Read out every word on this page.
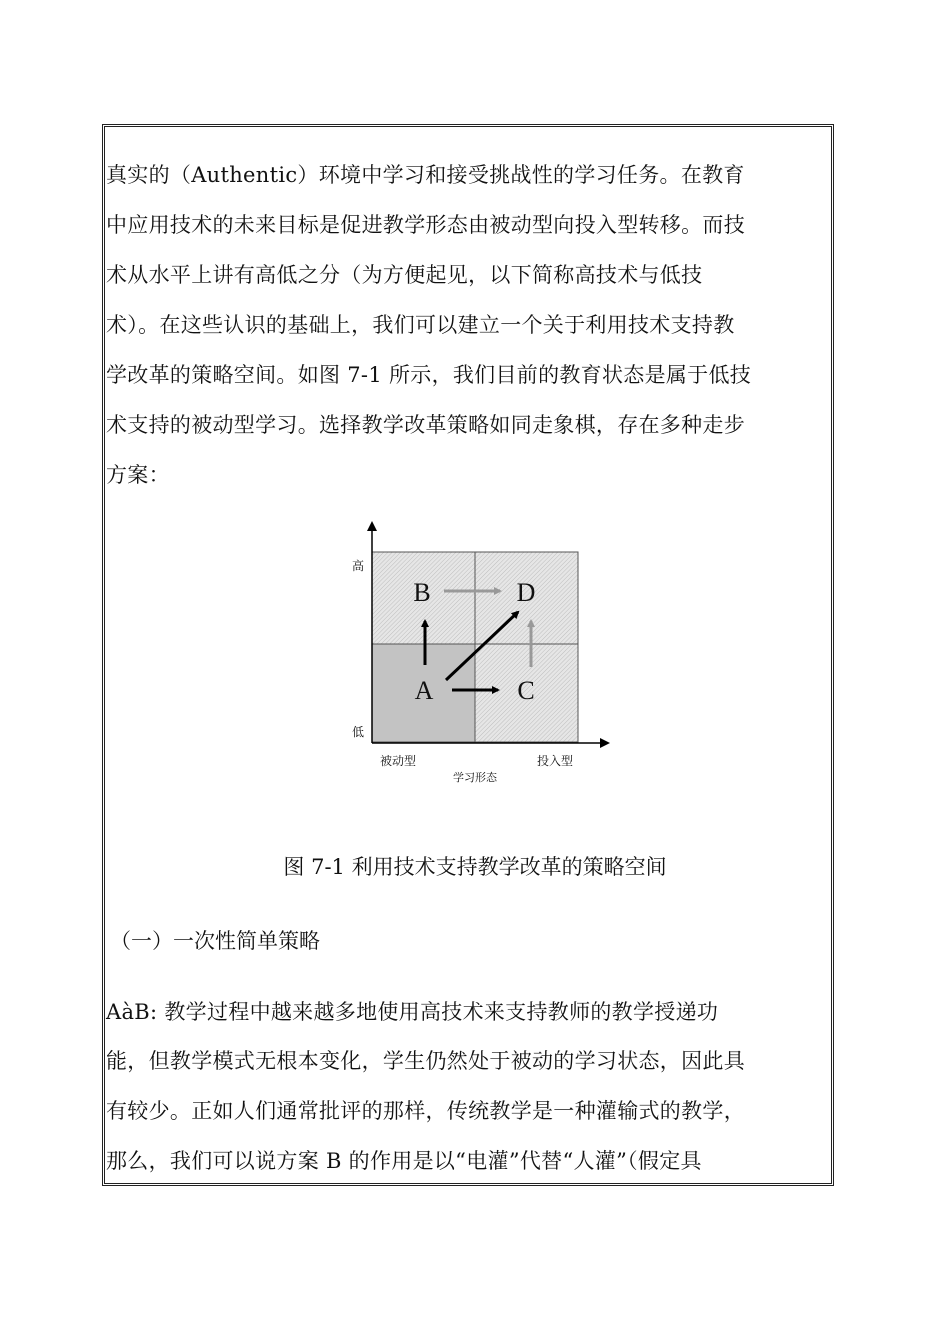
真实的（Authentic）环境中学习和接受挑战性的学习任务。在教育
中应用技术的未来目标是促进教学形态由被动型向投入型转移。而技
术从水平上讲有高低之分（为方便起见，以下简称高技术与低技
术）。在这些认识的基础上，我们可以建立一个关于利用技术支持教
学改革的策略空间。如图 7-1 所示，我们目前的教育状态是属于低技
术支持的被动型学习。选择教学改革策略如同走象棋，存在多种走步
方案：
B	D
A	C
高
低
被动型	投入型
学习形态
图 7-1 利用技术支持教学改革的策略空间
（一）一次性简单策略
AàB: 教学过程中越来越多地使用高技术来支持教师的教学授递功
能，但教学模式无根本变化，学生仍然处于被动的学习状态，因此具
有较少。正如人们通常批评的那样，传统教学是一种灌输式的教学，
那么，我们可以说方案 B 的作用是以“电灌”代替“人灌”（假定具
